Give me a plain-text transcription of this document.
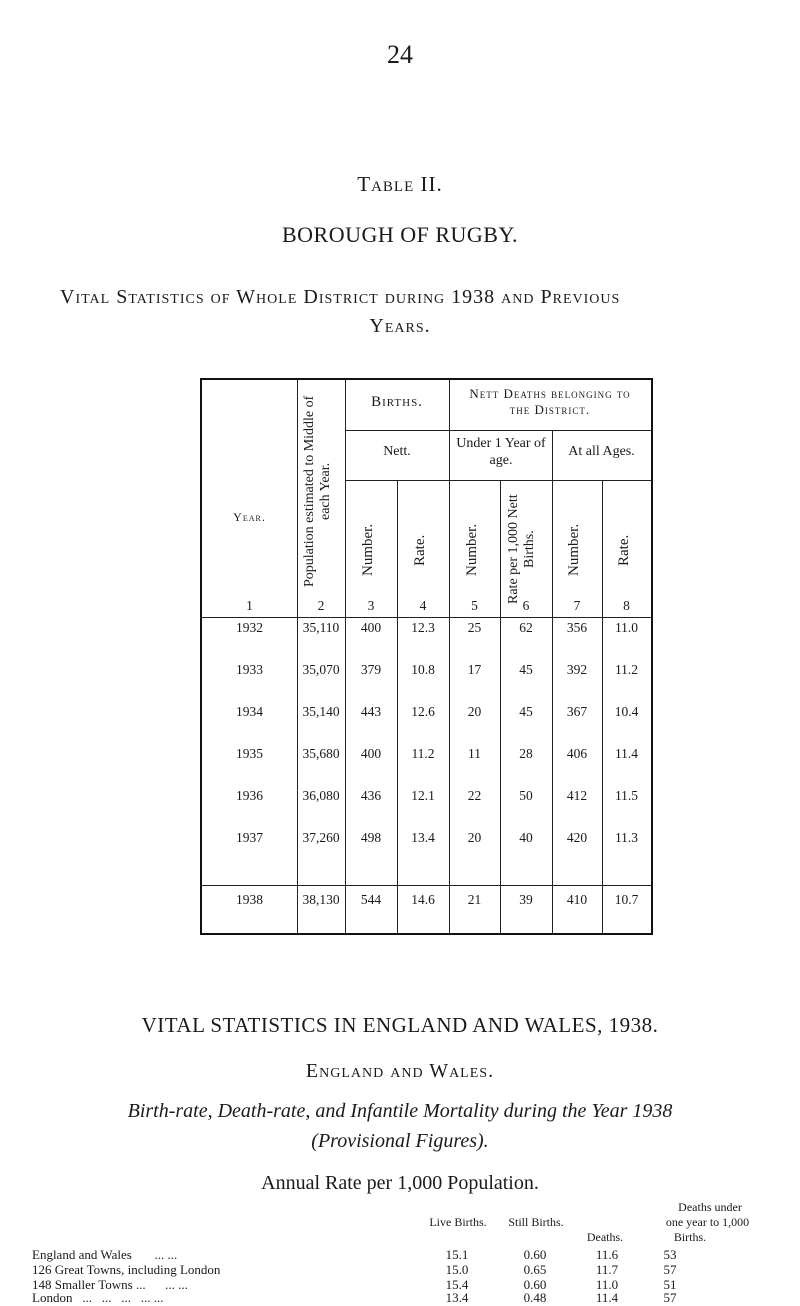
24
Table II.
BOROUGH OF RUGBY.
Vital Statistics of Whole District during 1938 and Previous
Years.
Year.	Population estimated to Middle of each Year.
Births.
Nett Deaths belonging to the District.
Nett.
Under 1 Year of age.
At all Ages.
Number.	Rate.	Number.	Rate per 1,000 Nett Births.	Number.	Rate.
1	2	3	4	5	6	7	8
1932	35,110	400	12.3	25	62	356	11.0
1933	35,070	379	10.8	17	45	392	11.2
1934	35,140	443	12.6	20	45	367	10.4
1935	35,680	400	11.2	11	28	406	11.4
1936	36,080	436	12.1	22	50	412	11.5
1937	37,260	498	13.4	20	40	420	11.3
1938	38,130	544	14.6	21	39	410	10.7
VITAL STATISTICS IN ENGLAND AND WALES, 1938.
England and Wales.
Birth-rate, Death-rate, and Infantile Mortality during the Year 1938
(Provisional Figures).
Annual Rate per 1,000 Population.
England and Wales       ... ...	15.1	0.60	11.6	53
126 Great Towns, including London	15.0	0.65	11.7	57
148 Smaller Towns ...      ... ...	15.4	0.60	11.0	51
London   ...   ...   ...   ... ...	13.4	0.48	11.4	57
Deaths under
one year to 1,000
Births.
Deaths.
Live Births. Still Births.
